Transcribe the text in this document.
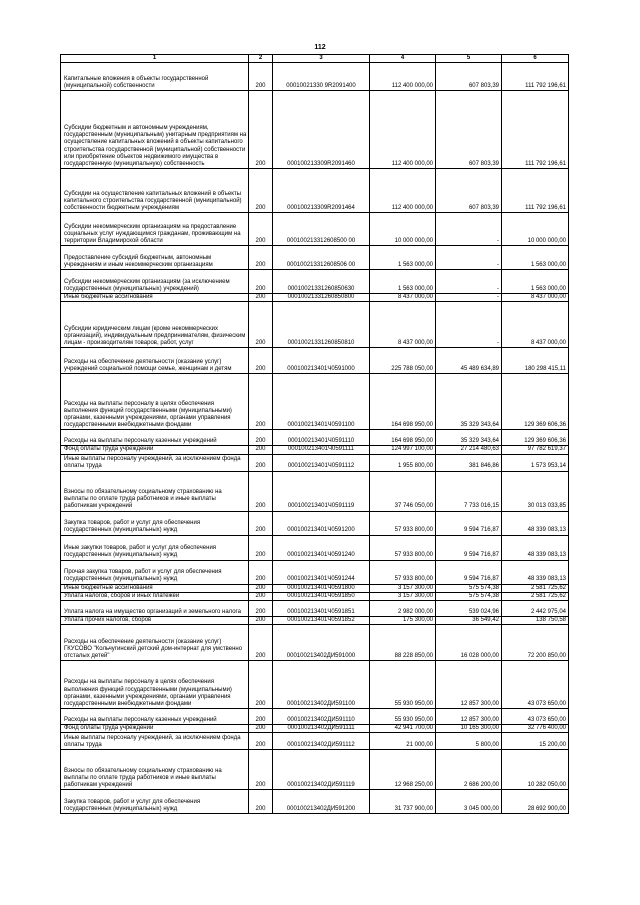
112
1	2	3	4	5	6
Капитальные вложения в объекты государственной (муниципальной) собственности	200	00010021330 9R2091400	112 400 000,00	607 803,39	111 792 196,61
Субсидии бюджетным и автономным учреждениям, государственным (муниципальным) унитарным предприятиям на осуществление капитальных вложений в объекты капитального строительства государственной (муниципальной) собственности или приобретение объектов недвижимого имущества в государственную (муниципальную) собственность	200	000100213309R2091460	112 400 000,00	607 803,39	111 792 196,61
Субсидии на осуществление капитальных вложений в объекты капитального строительства государственной (муниципальной) собственности бюджетным учреждениям	200	000100213309R2091464	112 400 000,00	607 803,39	111 792 196,61
Субсидии некоммерческим организациям на предоставление социальных услуг нуждающимся гражданам, проживающим на территории Владимирской области	200	000100213312608500 00	10 000 000,00	-	10 000 000,00
Предоставление субсидий бюджетным, автономным учреждениям и иным некоммерческим организациям	200	000100213312608506 00	1 563 000,00	-	1 563 000,00
Субсидии некоммерческим организациям (за исключением государственных (муниципальных) учреждений)	200	00010021331260850630	1 563 000,00	-	1 563 000,00
Иные бюджетные ассигнования	200	00010021331260850800	8 437 000,00	-	8 437 000,00
Субсидии юридическим лицам (кроме некоммерческих организаций), индивидуальным предпринимателям, физическим лицам - производителям товаров, работ, услуг	200	00010021331260850810	8 437 000,00	-	8 437 000,00
Расходы на обеспечение деятельности (оказание услуг) учреждений социальной помощи семье, женщинам и детям	200	000100213401Ч0591000	225 788 050,00	45 489 634,89	180 298 415,11
Расходы на выплаты персоналу в целях обеспечения выполнения функций государственными (муниципальными) органами, казенными учреждениями, органами управления государственными внебюджетными фондами	200	000100213401Ч0591100	164 698 950,00	35 329 343,64	129 369 606,36
Расходы на выплаты персоналу казенных учреждений	200	000100213401Ч0591110	164 698 950,00	35 329 343,64	129 369 606,36
Фонд оплаты труда учреждений	200	000100213401Ч0591111	124 997 100,00	27 214 480,63	97 782 619,37
Иные выплаты персоналу учреждений, за исключением фонда оплаты труда	200	000100213401Ч0591112	1 955 800,00	381 846,86	1 573 953,14
Взносы по обязательному социальному страхованию на выплаты по оплате труда работников и иные выплаты работникам учреждений	200	000100213401Ч0591119	37 746 050,00	7 733 016,15	30 013 033,85
Закупка товаров, работ и услуг для обеспечения государственных (муниципальных) нужд	200	000100213401Ч0591200	57 933 800,00	9 594 716,87	48 339 083,13
Иные закупки товаров, работ и услуг для обеспечения государственных (муниципальных) нужд	200	000100213401Ч0591240	57 933 800,00	9 594 716,87	48 339 083,13
Прочая закупка товаров, работ и услуг для обеспечения государственных (муниципальных) нужд	200	000100213401Ч0591244	57 933 800,00	9 594 716,87	48 339 083,13
Иные бюджетные ассигнования	200	000100213401Ч0591800	3 157 300,00	575 574,38	2 581 725,62
Уплата налогов, сборов и иных платежей	200	000100213401Ч0591850	3 157 300,00	575 574,38	2 581 725,62
Уплата налога на имущество организаций и земельного налога	200	000100213401Ч0591851	2 982 000,00	539 024,96	2 442 975,04
Уплата прочих налогов, сборов	200	000100213401Ч0591852	175 300,00	36 549,42	138 750,58
Расходы на обеспечение деятельности (оказание услуг) ГКУСОВО "Кольчугинский детский дом-интернат для умственно отсталых детей"	200	000100213402ДИ591000	88 228 850,00	16 028 000,00	72 200 850,00
Расходы на выплаты персоналу в целях обеспечения выполнения функций государственными (муниципальными) органами, казенными учреждениями, органами управления государственными внебюджетными фондами	200	000100213402ДИ591100	55 930 950,00	12 857 300,00	43 073 650,00
Расходы на выплаты персоналу казенных учреждений	200	000100213402ДИ591110	55 930 950,00	12 857 300,00	43 073 650,00
Фонд оплаты труда учреждений	200	000100213402ДИ591111	42 941 700,00	10 165 300,00	32 776 400,00
Иные выплаты персоналу учреждений, за исключением фонда оплаты труда	200	000100213402ДИ591112	21 000,00	5 800,00	15 200,00
Взносы по обязательному социальному страхованию на выплаты по оплате труда работников и иные выплаты работникам учреждений	200	000100213402ДИ591119	12 968 250,00	2 686 200,00	10 282 050,00
Закупка товаров, работ и услуг для обеспечения государственных (муниципальных) нужд	200	000100213402ДИ591200	31 737 900,00	3 045 000,00	28 692 900,00
